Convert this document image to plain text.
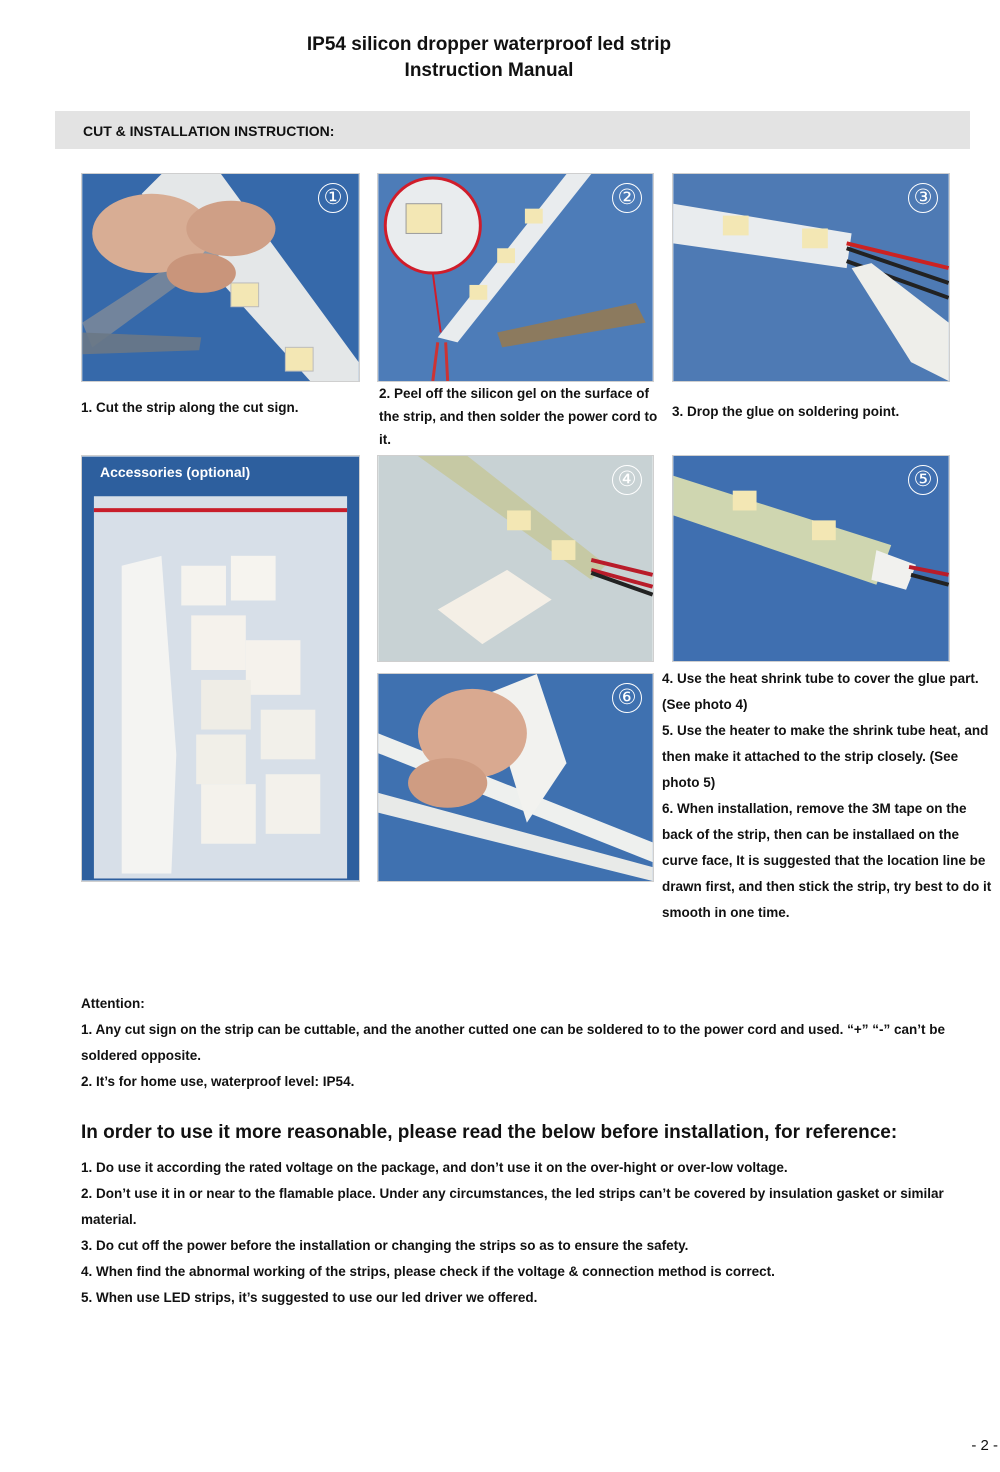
IP54 silicon dropper waterproof led strip
Instruction Manual
CUT & INSTALLATION INSTRUCTION:
①	②	③
1. Cut the strip along the cut sign.
2. Peel off the silicon gel on the surface of the strip, and then solder the power cord to it.
3. Drop the glue on soldering point.
Accessories (optional)	④	⑤
⑥

4. Use the heat shrink tube to cover the glue part. (See photo 4)

5. Use the heater to make the shrink tube heat, and then make it attached to the strip closely. (See photo 5)

6. When installation, remove the 3M tape on the back of the strip, then can be installaed on the curve face, It is suggested that the location line be drawn first, and then stick the strip, try best to do it smooth in one time.

Attention:

1. Any cut sign on the strip can be cuttable, and the another cutted one can be soldered to to the power cord and used. “+” “-” can’t be soldered opposite.

2. It’s for home use, waterproof level: IP54.

In order to use it more reasonable, please read the below before installation, for reference:

1. Do use it according the rated voltage on the package, and don’t use it on the over-hight or over-low voltage.

2. Don’t use it in or near to the flamable place. Under any circumstances, the led strips can’t be covered by insulation gasket or similar material.

3. Do cut off the power before the installation or changing the strips so as to ensure the safety.

4. When find the abnormal working of the strips, please check if the voltage & connection method is correct.

5. When use LED strips, it’s suggested to use our led driver we offered.

- 2 -
